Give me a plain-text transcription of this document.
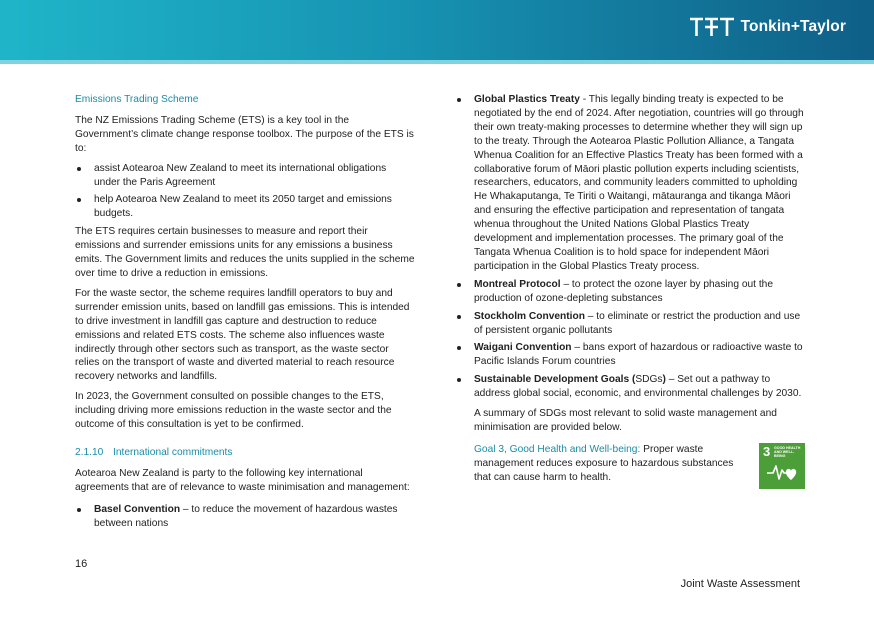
Tonkin+Taylor
Emissions Trading Scheme

The NZ Emissions Trading Scheme (ETS) is a key tool in the Government’s climate change response toolbox. The purpose of the ETS is to:

assist Aotearoa New Zealand to meet its international obligations under the Paris Agreement
help Aotearoa New Zealand to meet its 2050 target and emissions budgets.

The ETS requires certain businesses to measure and report their emissions and surrender emissions units for any emissions a business emits. The Government limits and reduces the units supplied in the scheme over time to drive a reduction in emissions.

For the waste sector, the scheme requires landfill operators to buy and surrender emission units, based on landfill gas emissions. This is intended to drive investment in landfill gas capture and destruction to reduce emissions and related ETS costs. The scheme also influences waste indirectly through other sectors such as transport, as the waste sector relies on the transport of waste and diverted material to reach resource recovery networks and landfills.

In 2023, the Government consulted on possible changes to the ETS, including driving more emissions reduction in the waste sector and the outcome of this consultation is yet to be confirmed.

2.1.10 International commitments

Aotearoa New Zealand is party to the following key international agreements that are of relevance to waste minimisation and management:

Basel Convention – to reduce the movement of hazardous wastes between nations
Global Plastics Treaty - This legally binding treaty is expected to be negotiated by the end of 2024. After negotiation, countries will go through their own treaty-making processes to determine whether they will sign up to the treaty. Through the Aotearoa Plastic Pollution Alliance, a Tangata Whenua Coalition for an Effective Plastics Treaty has been formed with a collaborative forum of Māori plastic pollution experts including scientists, researchers, educators, and community leaders committed to upholding He Whakaputanga, Te Tiriti o Waitangi, mātauranga and tikanga Māori and ensuring the effective participation and representation of tangata whenua throughout the United Nations Global Plastics Treaty development and implementation processes. The primary goal of the Tangata Whenua Coalition is to hold space for independent Māori participation in the Global Plastics Treaty process.
Montreal Protocol – to protect the ozone layer by phasing out the production of ozone-depleting substances
Stockholm Convention – to eliminate or restrict the production and use of persistent organic pollutants
Waigani Convention – bans export of hazardous or radioactive waste to Pacific Islands Forum countries
Sustainable Development Goals (SDGs) – Set out a pathway to address global social, economic, and environmental challenges by 2030.

A summary of SDGs most relevant to solid waste management and minimisation are provided below.

Goal 3, Good Health and Well-being: Proper waste management reduces exposure to hazardous substances that can cause harm to health.
3 GOOD HEALTH AND WELL-BEING
16
Joint Waste Assessment
